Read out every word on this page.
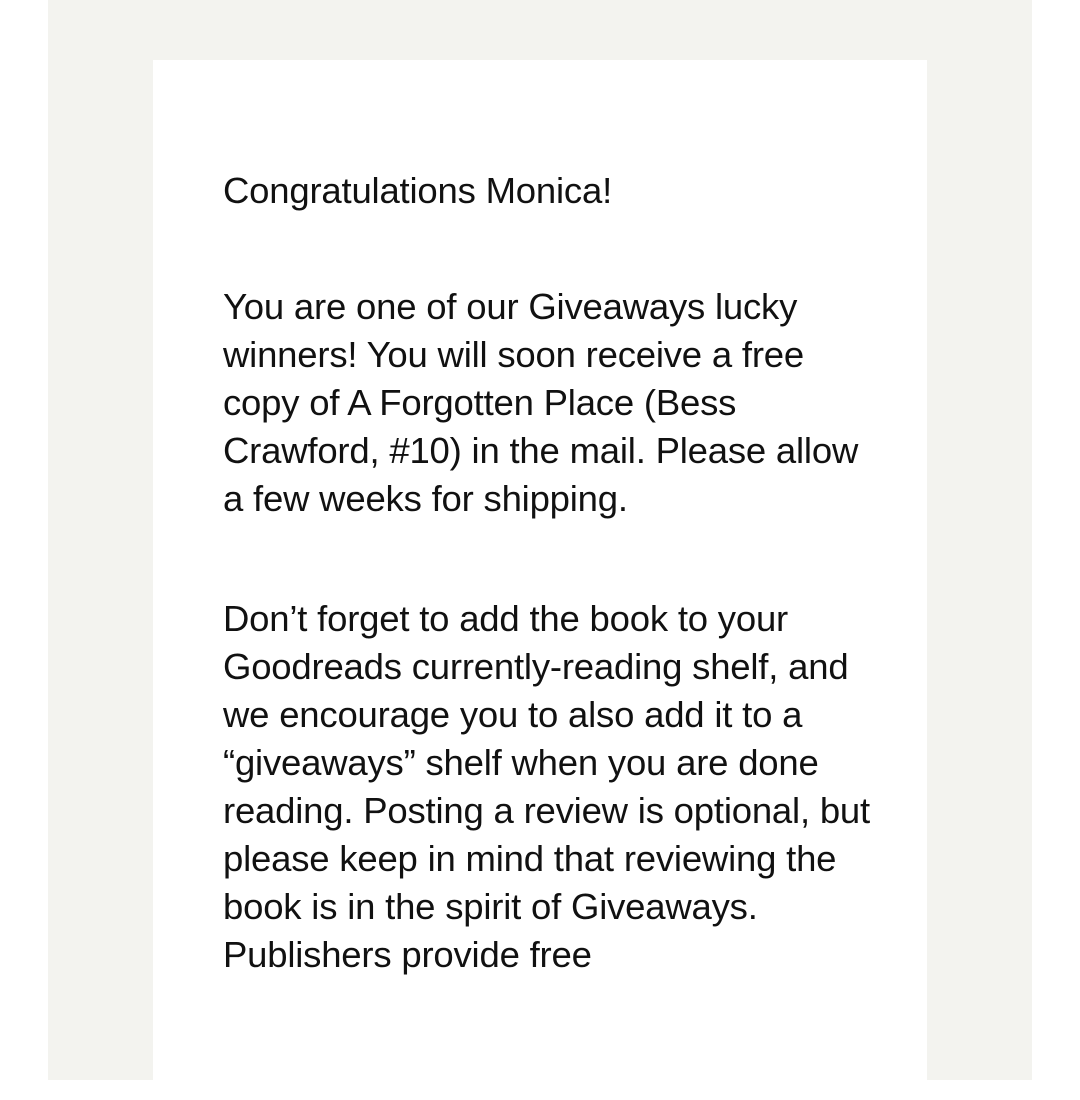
Congratulations Monica!

You are one of our Giveaways lucky winners! You will soon receive a free copy of A Forgotten Place (Bess Crawford, #10) in the mail. Please allow a few weeks for shipping.

Don’t forget to add the book to your Goodreads currently-reading shelf, and we encourage you to also add it to a “giveaways” shelf when you are done reading. Posting a review is optional, but please keep in mind that reviewing the book is in the spirit of Giveaways. Publishers provide free
